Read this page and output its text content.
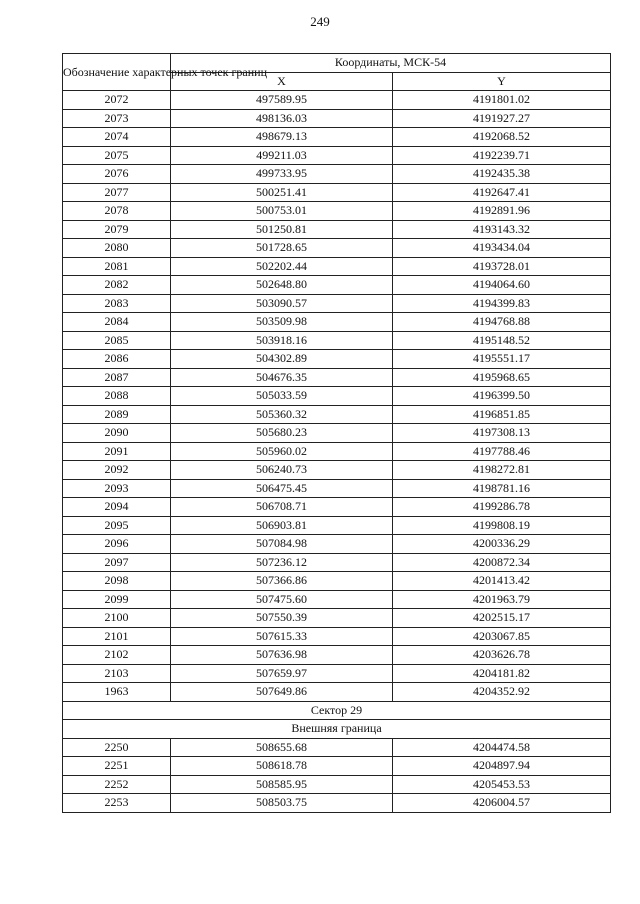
249
Обозначение характерных точек границ	Координаты, МСК-54	
	X	Y
2072	497589.95	4191801.02
2073	498136.03	4191927.27
2074	498679.13	4192068.52
2075	499211.03	4192239.71
2076	499733.95	4192435.38
2077	500251.41	4192647.41
2078	500753.01	4192891.96
2079	501250.81	4193143.32
2080	501728.65	4193434.04
2081	502202.44	4193728.01
2082	502648.80	4194064.60
2083	503090.57	4194399.83
2084	503509.98	4194768.88
2085	503918.16	4195148.52
2086	504302.89	4195551.17
2087	504676.35	4195968.65
2088	505033.59	4196399.50
2089	505360.32	4196851.85
2090	505680.23	4197308.13
2091	505960.02	4197788.46
2092	506240.73	4198272.81
2093	506475.45	4198781.16
2094	506708.71	4199286.78
2095	506903.81	4199808.19
2096	507084.98	4200336.29
2097	507236.12	4200872.34
2098	507366.86	4201413.42
2099	507475.60	4201963.79
2100	507550.39	4202515.17
2101	507615.33	4203067.85
2102	507636.98	4203626.78
2103	507659.97	4204181.82
1963	507649.86	4204352.92
Сектор 29		
Внешняя граница		
2250	508655.68	4204474.58
2251	508618.78	4204897.94
2252	508585.95	4205453.53
2253	508503.75	4206004.57
